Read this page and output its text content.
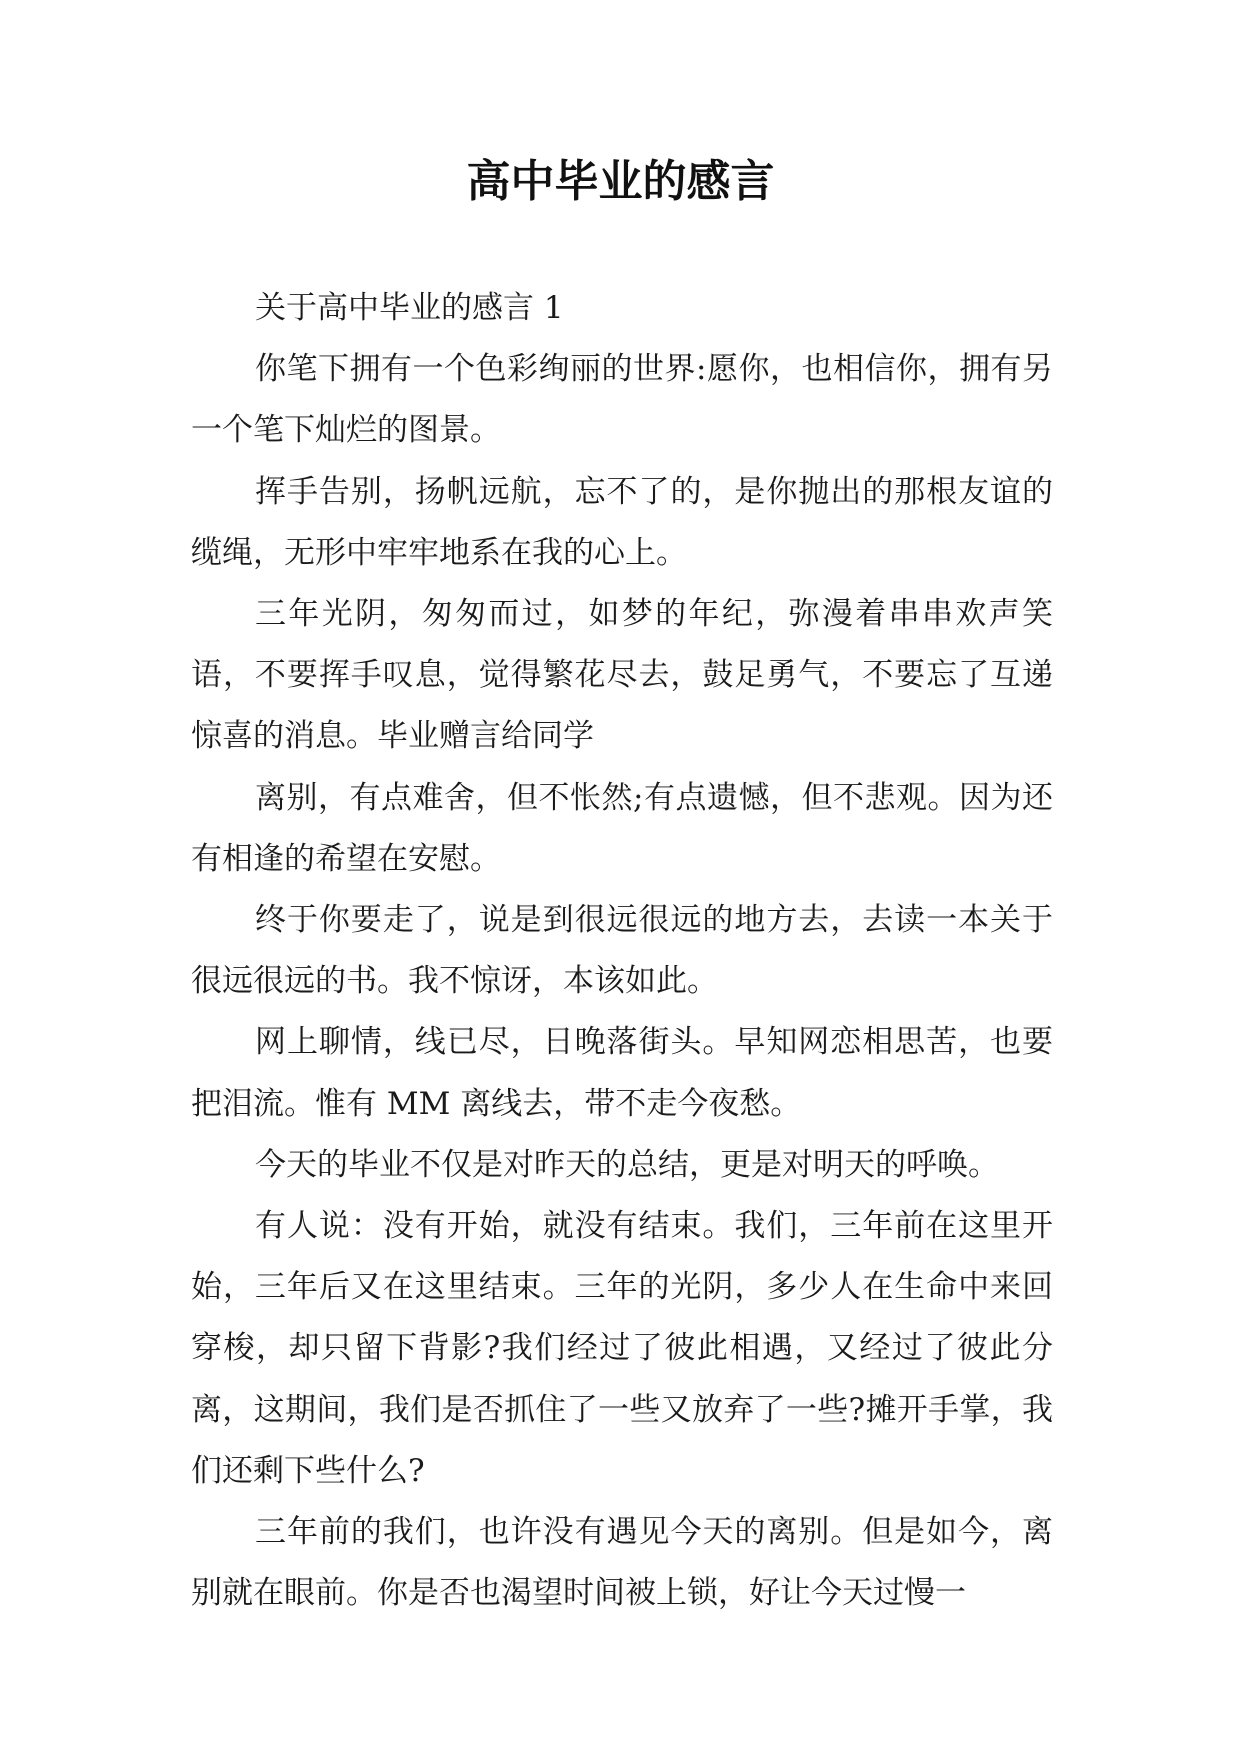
高中毕业的感言

关于高中毕业的感言 1

你笔下拥有一个色彩绚丽的世界:愿你，也相信你，拥有另一个笔下灿烂的图景。

挥手告别，扬帆远航，忘不了的，是你抛出的那根友谊的缆绳，无形中牢牢地系在我的心上。

三年光阴，匆匆而过，如梦的年纪，弥漫着串串欢声笑语，不要挥手叹息，觉得繁花尽去，鼓足勇气，不要忘了互递惊喜的消息。毕业赠言给同学

离别，有点难舍，但不怅然;有点遗憾，但不悲观。因为还有相逢的希望在安慰。

终于你要走了，说是到很远很远的地方去，去读一本关于很远很远的书。我不惊讶，本该如此。

网上聊情，线已尽，日晚落街头。早知网恋相思苦，也要把泪流。惟有 MM 离线去，带不走今夜愁。

今天的毕业不仅是对昨天的总结，更是对明天的呼唤。

有人说：没有开始，就没有结束。我们，三年前在这里开始，三年后又在这里结束。三年的光阴，多少人在生命中来回穿梭，却只留下背影?我们经过了彼此相遇，又经过了彼此分离，这期间，我们是否抓住了一些又放弃了一些?摊开手掌，我们还剩下些什么?

三年前的我们，也许没有遇见今天的离别。但是如今，离别就在眼前。你是否也渴望时间被上锁，好让今天过慢一
